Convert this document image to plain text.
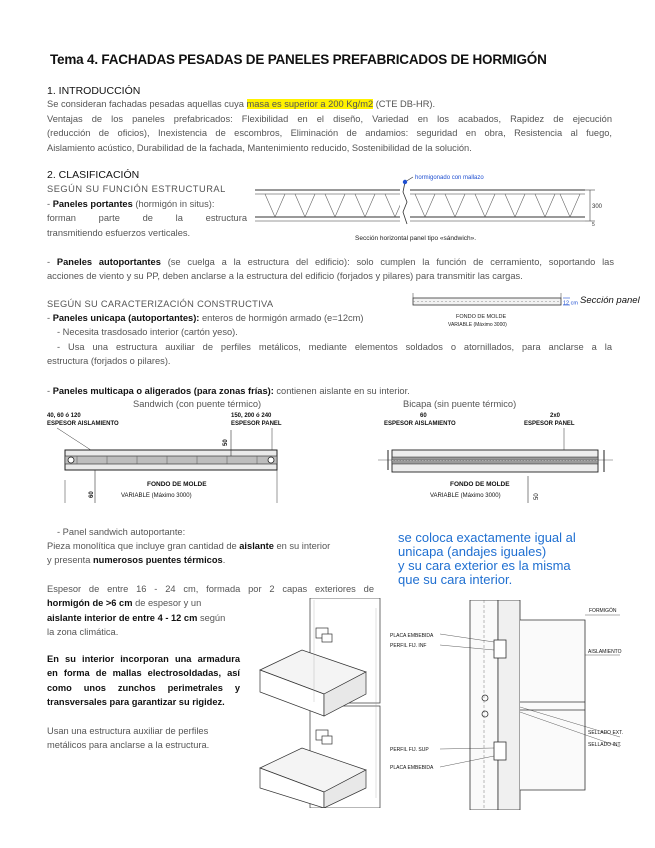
Tema 4. FACHADAS PESADAS DE PANELES PREFABRICADOS DE HORMIGÓN
1. INTRODUCCIÓN
Se consideran fachadas pesadas aquellas cuya masa es superior a 200 Kg/m2 (CTE DB-HR).
Ventajas de los paneles prefabricados: Flexibilidad en el diseño, Variedad en los acabados, Rapidez de ejecución
(reducción de oficios), Inexistencia de escombros, Eliminación de andamios: seguridad en obra, Resistencia al fuego,
Aislamiento acústico, Durabilidad de la fachada, Mantenimiento reducido, Sostenibilidad de la solución.
2. CLASIFICACIÓN
SEGÚN SU FUNCIÓN ESTRUCTURAL
- Paneles portantes (hormigón in situs):
forman parte de la estructura
transmitiendo esfuerzos verticales.
300
5
hormigonado con mallazo
Sección horizontal panel tipo «sándwich».
- Paneles autoportantes (se cuelga a la estructura del edificio): solo cumplen la función de cerramiento, soportando las
acciones de viento y su PP, deben anclarse a la estructura del edificio (forjados y pilares) para transmitir las cargas.
SEGÚN SU CARACTERIZACIÓN CONSTRUCTIVA
- Paneles unicapa (autoportantes): enteros de hormigón armado (e=12cm)
- Necesita trasdosado interior (cartón yeso).
- Usa una estructura auxiliar de perfiles metálicos, mediante elementos soldados o atornillados, para anclarse a la
estructura (forjados o pilares).
12 cm Sección panel
FONDO DE MOLDE
VARIABLE (Máximo 3000)
- Paneles multicapa o aligerados (para zonas frías): contienen aislante en su interior.
Sandwich (con puente térmico)	Bicapa (sin puente térmico)
40, 60 ó 120
ESPESOR AISLAMIENTO
150, 200 ó 240
ESPESOR PANEL
50
60
FONDO DE MOLDE
VARIABLE (Máximo 3000)
60
ESPESOR AISLAMIENTO
2x0
ESPESOR PANEL
50
FONDO DE MOLDE
VARIABLE (Máximo 3000)
- Panel sandwich autoportante:
Pieza monolítica que incluye gran cantidad de aislante en su interior
y presenta numerosos puentes térmicos.
Espesor de entre 16 - 24 cm, formada por 2 capas exteriores de
hormigón de >6 cm de espesor y un
aislante interior de entre 4 - 12 cm según
la zona climática.
En su interior incorporan una armadura
en forma de mallas electrosoldadas, así
como unos zunchos perimetrales y
transversales para garantizar su rigidez.
Usan una estructura auxiliar de perfiles
metálicos para anclarse a la estructura.
se coloca exactamente igual al
unicapa (andajes iguales)
y su cara exterior es la misma
que su cara interior.
PLACA EMBEBIDA
PERFIL FIJ. INF
FORMIGÓN
AISLAMIENTO
SELLADO EXT.
SELLADO INT.
PERFIL FIJ. SUP
PLACA EMBEBIDA
